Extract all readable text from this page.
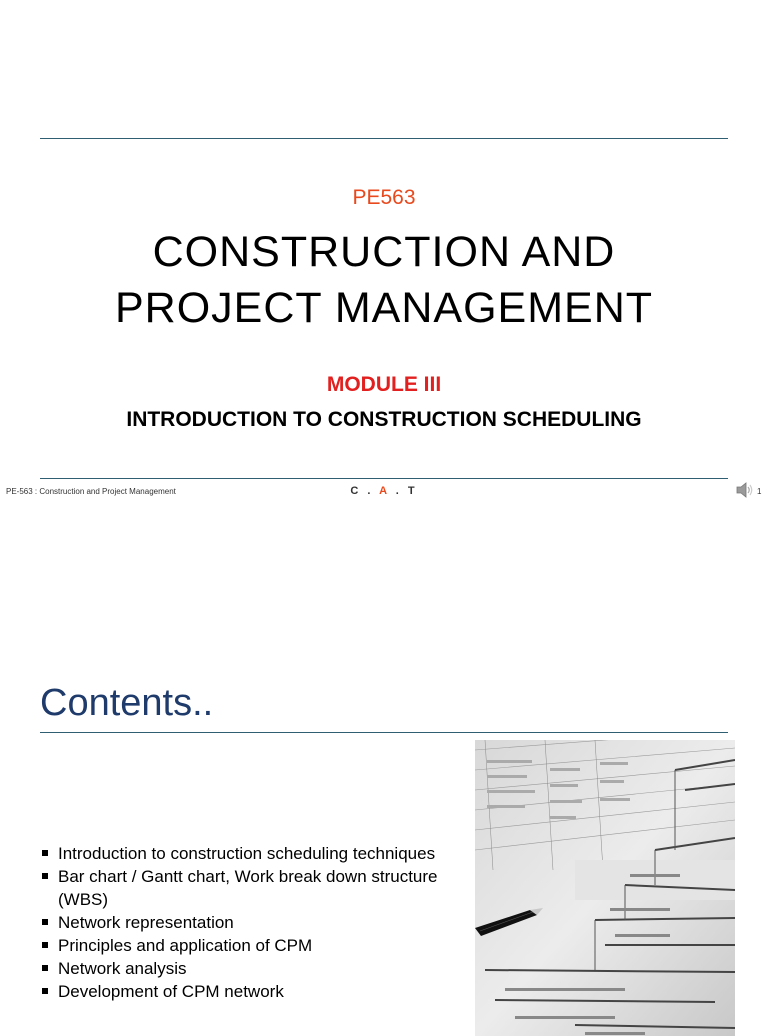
PE563
CONSTRUCTION AND
PROJECT MANAGEMENT
MODULE III
INTRODUCTION TO CONSTRUCTION SCHEDULING
PE-563 : Construction and Project Management	C . A . T	1
Contents..
Introduction to construction scheduling techniques
Bar chart / Gantt chart, Work break down structure (WBS)
Network representation
Principles and application of CPM
Network analysis
Development of CPM network
